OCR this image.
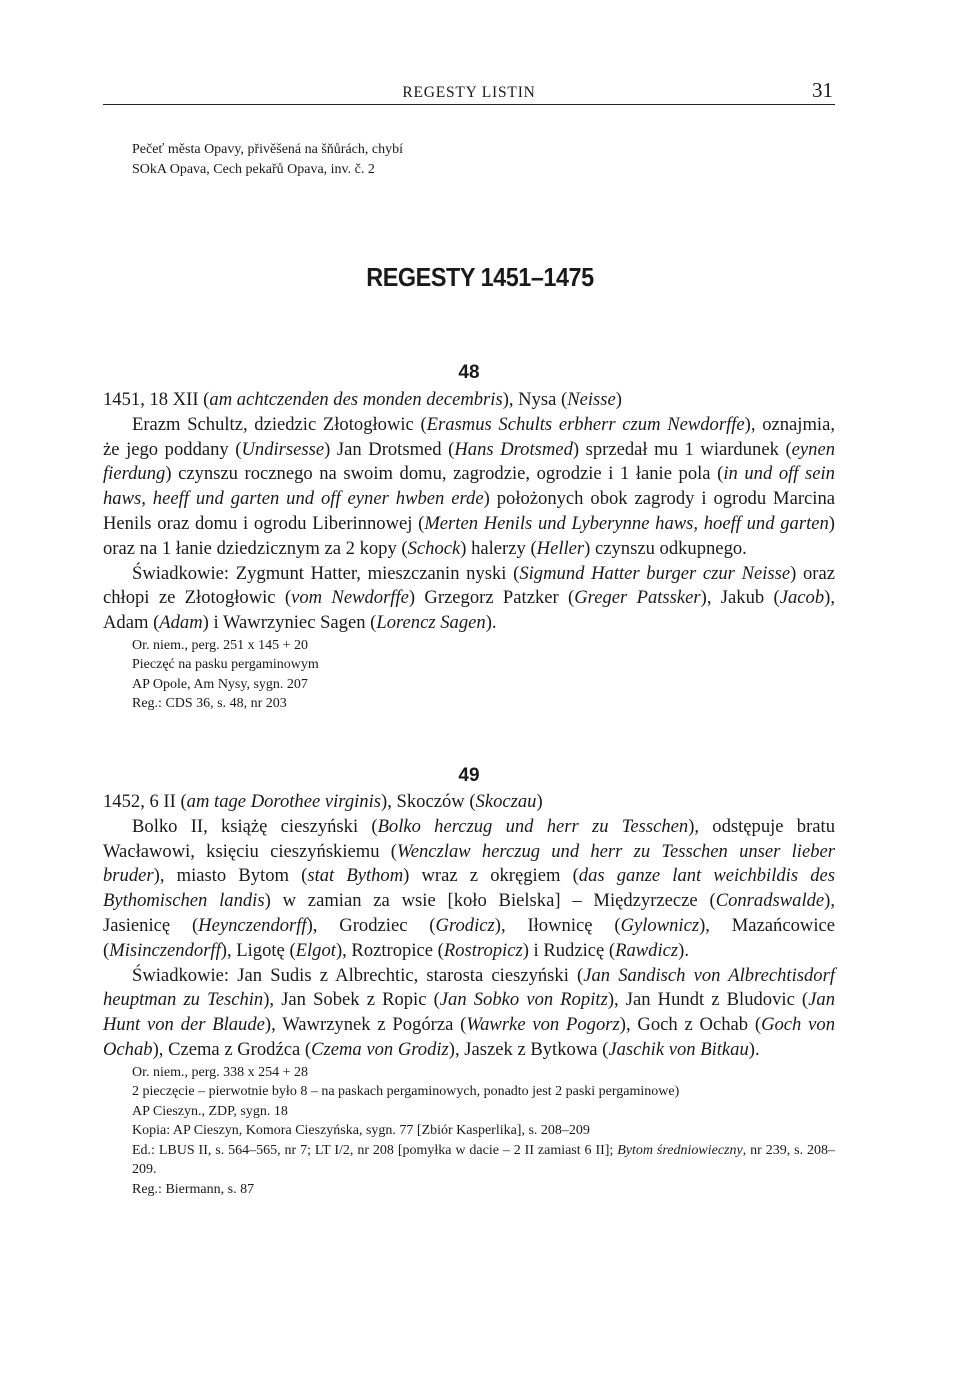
REGESTY LISTIN	31
Pečeť města Opavy, přivěšená na šňůrách, chybí
SOkA Opava, Cech pekařů Opava, inv. č. 2
REGESTY 1451–1475
48

1451, 18 XII (am achtczenden des monden decembris), Nysa (Neisse)

Erazm Schultz, dziedzic Złotogłowic (Erasmus Schults erbherr czum Newdorffe), oznajmia, że jego poddany (Undirsesse) Jan Drotsmed (Hans Drotsmed) sprzedał mu 1 wiardunek (eynen fierdung) czynszu rocznego na swoim domu, zagrodzie, ogrodzie i 1 łanie pola (in und off sein haws, heeff und garten und off eyner hwben erde) położonych obok zagrody i ogrodu Marcina Henils oraz domu i ogrodu Liberinnowej (Merten Henils und Lyberynne haws, hoeff und garten) oraz na 1 łanie dziedzicznym za 2 kopy (Schock) halerzy (Heller) czynszu odkupnego.

Świadkowie: Zygmunt Hatter, mieszczanin nyski (Sigmund Hatter burger czur Neisse) oraz chłopi ze Złotogłowic (vom Newdorffe) Grzegorz Patzker (Greger Patssker), Jakub (Jacob), Adam (Adam) i Wawrzyniec Sagen (Lorencz Sagen).

Or. niem., perg. 251 x 145 + 20
Pieczęć na pasku pergaminowym
AP Opole, Am Nysy, sygn. 207
Reg.: CDS 36, s. 48, nr 203
49

1452, 6 II (am tage Dorothee virginis), Skoczów (Skoczau)

Bolko II, książę cieszyński (Bolko herczug und herr zu Tesschen), odstępuje bratu Wacławowi, księciu cieszyńskiemu (Wenczlaw herczug und herr zu Tesschen unser lieber bruder), miasto Bytom (stat Bythom) wraz z okręgiem (das ganze lant weichbildis des Bythomischen landis) w zamian za wsie [koło Bielska] – Międzyrzecze (Conradswalde), Jasienicę (Heynczendorff), Grodziec (Grodicz), Iłownicę (Gylownicz), Mazańcowice (Misinczendorff), Ligotę (Elgot), Roztropice (Rostropicz) i Rudzicę (Rawdicz).

Świadkowie: Jan Sudis z Albrechtic, starosta cieszyński (Jan Sandisch von Albrechtisdorf heuptman zu Teschin), Jan Sobek z Ropic (Jan Sobko von Ropitz), Jan Hundt z Bludovic (Jan Hunt von der Blaude), Wawrzynek z Pogórza (Wawrke von Pogorz), Goch z Ochab (Goch von Ochab), Czema z Grodźca (Czema von Grodiz), Jaszek z Bytkowa (Jaschik von Bitkau).

Or. niem., perg. 338 x 254 + 28
2 pieczęcie – pierwotnie było 8 – na paskach pergaminowych, ponadto jest 2 paski pergaminowe)
AP Cieszyn., ZDP, sygn. 18
Kopia: AP Cieszyn, Komora Cieszyńska, sygn. 77 [Zbiór Kasperlika], s. 208–209
Ed.: LBUS II, s. 564–565, nr 7; LT I/2, nr 208 [pomyłka w dacie – 2 II zamiast 6 II]; Bytom średniowieczny, nr 239, s. 208–209.
Reg.: Biermann, s. 87
